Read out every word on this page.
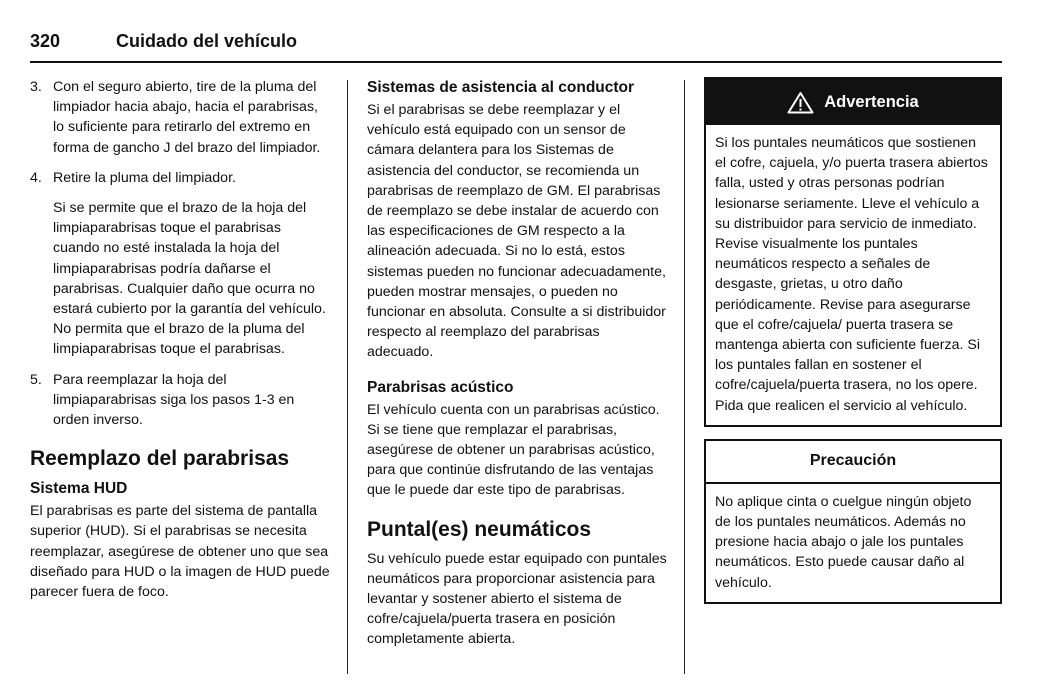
320	Cuidado del vehículo
3. Con el seguro abierto, tire de la pluma del limpiador hacia abajo, hacia el parabrisas, lo suficiente para retirarlo del extremo en forma de gancho J del brazo del limpiador.

4. Retire la pluma del limpiador.

Si se permite que el brazo de la hoja del limpiaparabrisas toque el parabrisas cuando no esté instalada la hoja del limpiaparabrisas podría dañarse el parabrisas. Cualquier daño que ocurra no estará cubierto por la garantía del vehículo. No permita que el brazo de la pluma del limpiaparabrisas toque el parabrisas.

5. Para reemplazar la hoja del limpiaparabrisas siga los pasos 1-3 en orden inverso.

Reemplazo del parabrisas
Sistema HUD

El parabrisas es parte del sistema de pantalla superior (HUD). Si el parabrisas se necesita reemplazar, asegúrese de obtener uno que sea diseñado para HUD o la imagen de HUD puede parecer fuera de foco.

Sistemas de asistencia al conductor

Si el parabrisas se debe reemplazar y el vehículo está equipado con un sensor de cámara delantera para los Sistemas de asistencia del conductor, se recomienda un parabrisas de reemplazo de GM. El parabrisas de reemplazo se debe instalar de acuerdo con las especificaciones de GM respecto a la alineación adecuada. Si no lo está, estos sistemas pueden no funcionar adecuadamente, pueden mostrar mensajes, o pueden no funcionar en absoluta. Consulte a si distribuidor respecto al reemplazo del parabrisas adecuado.

Parabrisas acústico

El vehículo cuenta con un parabrisas acústico. Si se tiene que remplazar el parabrisas, asegúrese de obtener un parabrisas acústico, para que continúe disfrutando de las ventajas que le puede dar este tipo de parabrisas.

Puntal(es) neumáticos

Su vehículo puede estar equipado con puntales neumáticos para proporcionar asistencia para levantar y sostener abierto el sistema de cofre/cajuela/puerta trasera en posición completamente abierta.

Advertencia
Si los puntales neumáticos que sostienen el cofre, cajuela, y/o puerta trasera abiertos falla, usted y otras personas podrían lesionarse seriamente. Lleve el vehículo a su distribuidor para servicio de inmediato. Revise visualmente los puntales neumáticos respecto a señales de desgaste, grietas, u otro daño periódicamente. Revise para asegurarse que el cofre/cajuela/ puerta trasera se mantenga abierta con suficiente fuerza. Si los puntales fallan en sostener el cofre/cajuela/puerta trasera, no los opere. Pida que realicen el servicio al vehículo.
Precaución
No aplique cinta o cuelgue ningún objeto de los puntales neumáticos. Además no presione hacia abajo o jale los puntales neumáticos. Esto puede causar daño al vehículo.
